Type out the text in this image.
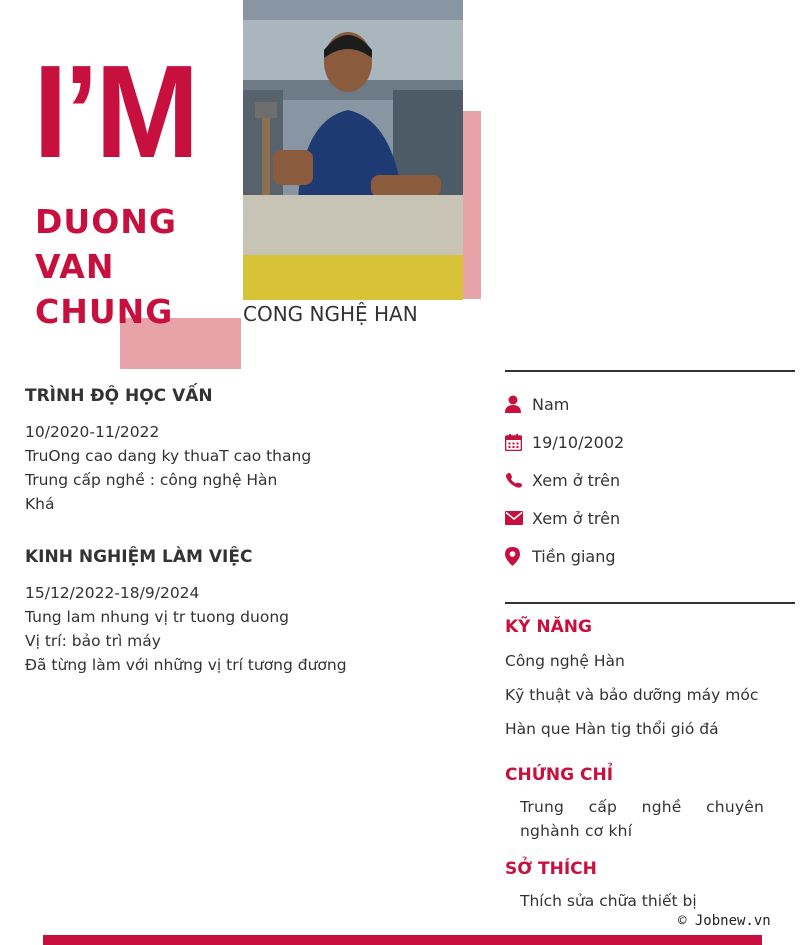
I’M
DUONG
VAN
CHUNG	CONG NGHỆ HAN
TRÌNH ĐỘ HỌC VẤN
10/2020-11/2022
TruOng cao dang ky thuaT cao thang
Trung cấp nghề : công nghệ Hàn
Khá
KINH NGHIỆM LÀM VIỆC
15/12/2022-18/9/2024
Tung lam nhung vị tr tuong duong
Vị trí: bảo trì máy
Đã từng làm với những vị trí tương đương
Nam
19/10/2002
Xem ở trên
Xem ở trên
Tiền giang
KỸ NĂNG
Công nghệ Hàn
Kỹ thuật và bảo dưỡng máy móc
Hàn que Hàn tig thổi gió đá
CHỨNG CHỈ
Trung cấp nghề chuyên nghành cơ khí
SỞ THÍCH
Thích sửa chữa thiết bị
© Jobnew.vn
